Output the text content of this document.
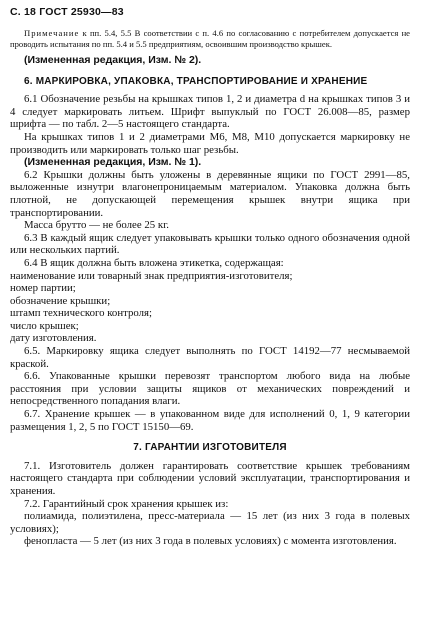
С. 18 ГОСТ 25930—83

Примечание к пп. 5.4, 5.5 В соответствии с п. 4.6 по согласованию с потребителем допускается не проводить испытания по пп. 5.4 и 5.5 предприятиям, освоившим производство крышек.

(Измененная редакция, Изм. № 2).

6. МАРКИРОВКА, УПАКОВКА, ТРАНСПОРТИРОВАНИЕ И ХРАНЕНИЕ

6.1 Обозначение резьбы на крышках типов 1, 2 и диаметра d на крышках типов 3 и 4 следует маркировать литьем. Шрифт выпуклый по ГОСТ 26.008—85, размер шрифта — по табл. 2—5 настоящего стандарта.

На крышках типов 1 и 2 диаметрами М6, М8, М10 допускается маркировку не производить или маркировать только шаг резьбы.

(Измененная редакция, Изм. № 1).

6.2 Крышки должны быть уложены в деревянные ящики по ГОСТ 2991—85, выложенные изнутри влагонепроницаемым материалом. Упаковка должна быть плотной, не допускающей перемещения крышек внутри ящика при транспортировании.

Масса брутто — не более 25 кг.

6.3 В каждый ящик следует упаковывать крышки только одного обозначения одной или нескольких партий.

6.4 В ящик должна быть вложена этикетка, содержащая:

наименование или товарный знак предприятия-изготовителя;

номер партии;

обозначение крышки;

штамп технического контроля;

число крышек;

дату изготовления.

6.5. Маркировку ящика следует выполнять по ГОСТ 14192—77 несмываемой краской.

6.6. Упакованные крышки перевозят транспортом любого вида на любые расстояния при условии защиты ящиков от механических повреждений и непосредственного попадания влаги.

6.7. Хранение крышек — в упакованном виде для исполнений 0, 1, 9 категории размещения 1, 2, 5 по ГОСТ 15150—69.

7. ГАРАНТИИ ИЗГОТОВИТЕЛЯ

7.1. Изготовитель должен гарантировать соответствие крышек требованиям настоящего стандарта при соблюдении условий эксплуатации, транспортирования и хранения.

7.2. Гарантийный срок хранения крышек из:

полиамида, полиэтилена, пресс-материала — 15 лет (из них 3 года в полевых условиях);

фенопласта — 5 лет (из них 3 года в полевых условиях) с момента изготовления.
